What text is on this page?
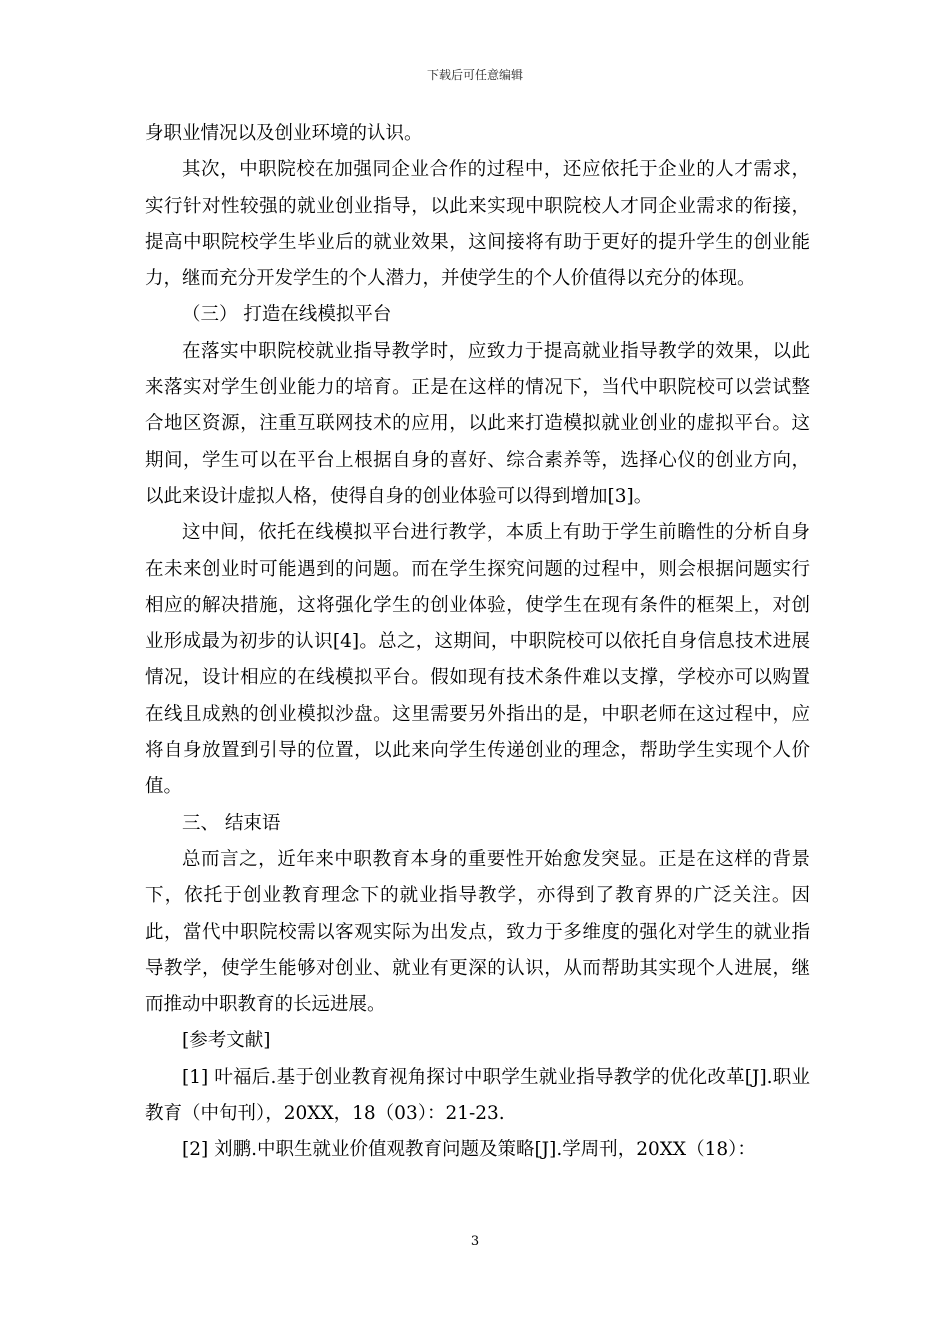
下载后可任意编辑

身职业情况以及创业环境的认识。

其次，中职院校在加强同企业合作的过程中，还应依托于企业的人才需求，实行针对性较强的就业创业指导，以此来实现中职院校人才同企业需求的衔接，提高中职院校学生毕业后的就业效果，这间接将有助于更好的提升学生的创业能力，继而充分开发学生的个人潜力，并使学生的个人价值得以充分的体现。

（三） 打造在线模拟平台

在落实中职院校就业指导教学时，应致力于提高就业指导教学的效果，以此来落实对学生创业能力的培育。正是在这样的情况下，当代中职院校可以尝试整合地区资源，注重互联网技术的应用，以此来打造模拟就业创业的虚拟平台。这期间，学生可以在平台上根据自身的喜好、综合素养等，选择心仪的创业方向，以此来设计虚拟人格，使得自身的创业体验可以得到增加[3]。

这中间，依托在线模拟平台进行教学，本质上有助于学生前瞻性的分析自身在未来创业时可能遇到的问题。而在学生探究问题的过程中，则会根据问题实行相应的解决措施，这将强化学生的创业体验，使学生在现有条件的框架上，对创业形成最为初步的认识[4]。总之，这期间，中职院校可以依托自身信息技术进展情况，设计相应的在线模拟平台。假如现有技术条件难以支撑，学校亦可以购置在线且成熟的创业模拟沙盘。这里需要另外指出的是，中职老师在这过程中，应将自身放置到引导的位置，以此来向学生传递创业的理念，帮助学生实现个人价值。

三、 结束语

总而言之，近年来中职教育本身的重要性开始愈发突显。正是在这样的背景下，依托于创业教育理念下的就业指导教学，亦得到了教育界的广泛关注。因此，當代中职院校需以客观实际为出发点，致力于多维度的强化对学生的就业指导教学，使学生能够对创业、就业有更深的认识，从而帮助其实现个人进展，继而推动中职教育的长远进展。

[参考文献]

[1] 叶福后.基于创业教育视角探讨中职学生就业指导教学的优化改革[J].职业教育（中旬刊），20XX，18（03）：21-23.

[2] 刘鹏.中职生就业价值观教育问题及策略[J].学周刊，20XX（18）：

3
